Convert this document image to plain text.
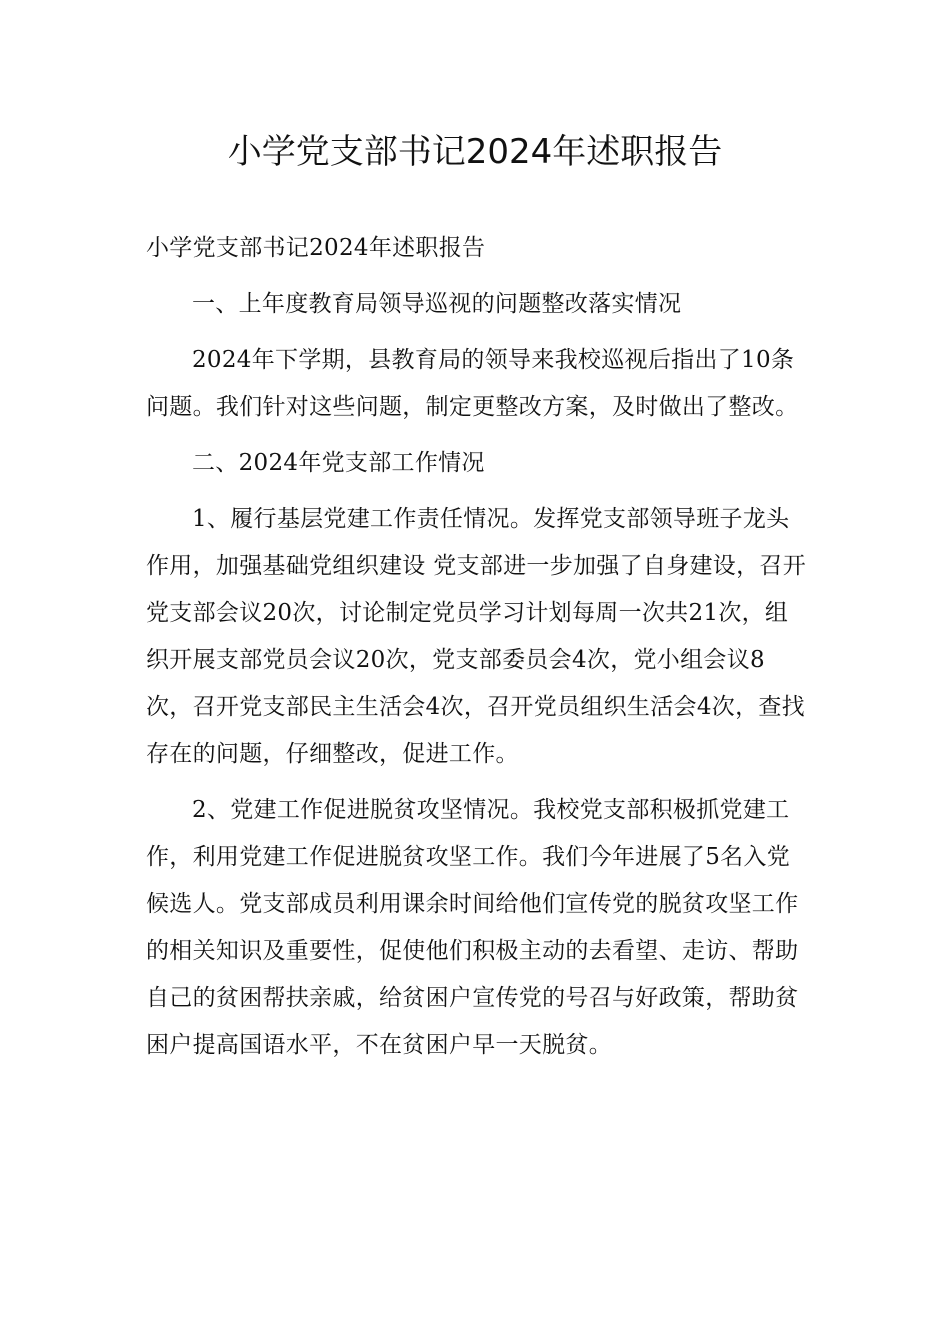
小学党支部书记2024年述职报告

小学党支部书记2024年述职报告

一、上年度教育局领导巡视的问题整改落实情况

2024年下学期，县教育局的领导来我校巡视后指出了10条问题。我们针对这些问题，制定更整改方案，及时做出了整改。

二、2024年党支部工作情况

1、履行基层党建工作责任情况。发挥党支部领导班子龙头作用，加强基础党组织建设 党支部进一步加强了自身建设，召开党支部会议20次，讨论制定党员学习计划每周一次共21次，组织开展支部党员会议20次，党支部委员会4次，党小组会议8次，召开党支部民主生活会4次，召开党员组织生活会4次，查找存在的问题，仔细整改，促进工作。

2、党建工作促进脱贫攻坚情况。我校党支部积极抓党建工作，利用党建工作促进脱贫攻坚工作。我们今年进展了5名入党候选人。党支部成员利用课余时间给他们宣传党的脱贫攻坚工作的相关知识及重要性，促使他们积极主动的去看望、走访、帮助自己的贫困帮扶亲戚，给贫困户宣传党的号召与好政策，帮助贫困户提高国语水平，不在贫困户早一天脱贫。
